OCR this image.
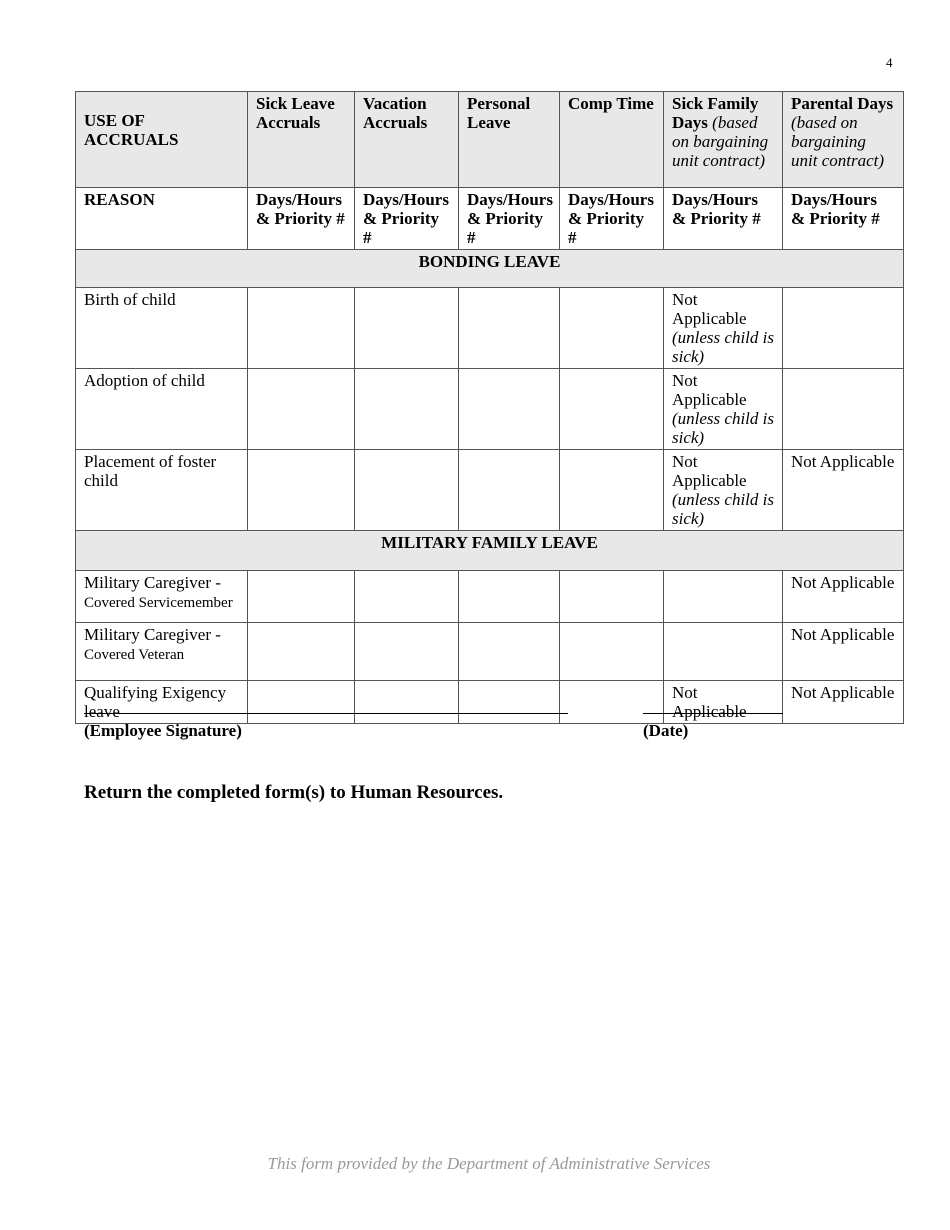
4
USE OF ACCRUALS	Sick Leave Accruals	Vacation Accruals	Personal Leave	Comp Time	Sick Family Days (based on bargaining unit contract)	Parental Days (based on bargaining unit contract)
REASON	Days/Hours & Priority #	Days/Hours & Priority #	Days/Hours & Priority #	Days/Hours & Priority #	Days/Hours & Priority #	Days/Hours & Priority #
BONDING LEAVE						
Birth of child					Not Applicable
(unless child is sick)	
Adoption of child					Not Applicable
(unless child is sick)	
Placement of foster child					Not Applicable
(unless child is sick)	Not Applicable
MILITARY FAMILY LEAVE						
Military Caregiver -
Covered Servicemember						Not Applicable
Military Caregiver -
Covered Veteran						Not Applicable
Qualifying Exigency leave					Not Applicable	Not Applicable
(Employee Signature)	(Date)
Return the completed form(s) to Human Resources.
This form provided by the Department of Administrative Services
